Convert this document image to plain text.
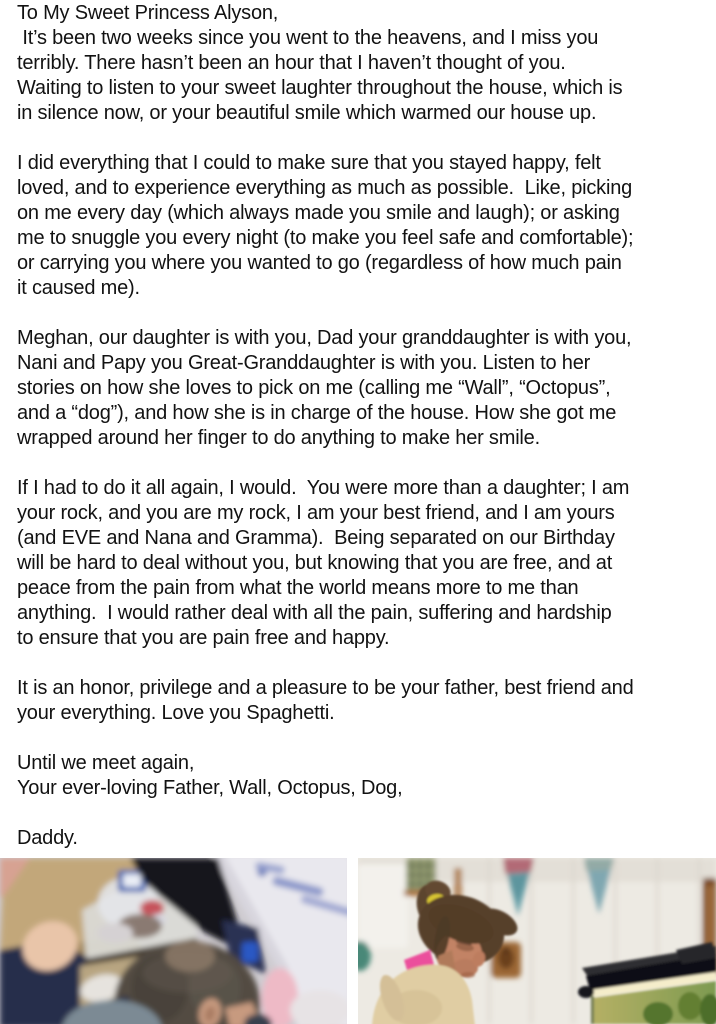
To My Sweet Princess Alyson,
It’s been two weeks since you went to the heavens, and I miss you
terribly. There hasn’t been an hour that I haven’t thought of you.
Waiting to listen to your sweet laughter throughout the house, which is
in silence now, or your beautiful smile which warmed our house up.

I did everything that I could to make sure that you stayed happy, felt
loved, and to experience everything as much as possible.  Like, picking
on me every day (which always made you smile and laugh); or asking
me to snuggle you every night (to make you feel safe and comfortable);
or carrying you where you wanted to go (regardless of how much pain
it caused me).

Meghan, our daughter is with you, Dad your granddaughter is with you,
Nani and Papy you Great-Granddaughter is with you. Listen to her
stories on how she loves to pick on me (calling me “Wall”, “Octopus”,
and a “dog”), and how she is in charge of the house. How she got me
wrapped around her finger to do anything to make her smile.

If I had to do it all again, I would.  You were more than a daughter; I am
your rock, and you are my rock, I am your best friend, and I am yours
(and EVE and Nana and Gramma).  Being separated on our Birthday
will be hard to deal without you, but knowing that you are free, and at
peace from the pain from what the world means more to me than
anything.  I would rather deal with all the pain, suffering and hardship
to ensure that you are pain free and happy.

It is an honor, privilege and a pleasure to be your father, best friend and
your everything. Love you Spaghetti.

Until we meet again,
Your ever-loving Father, Wall, Octopus, Dog,

Daddy.
